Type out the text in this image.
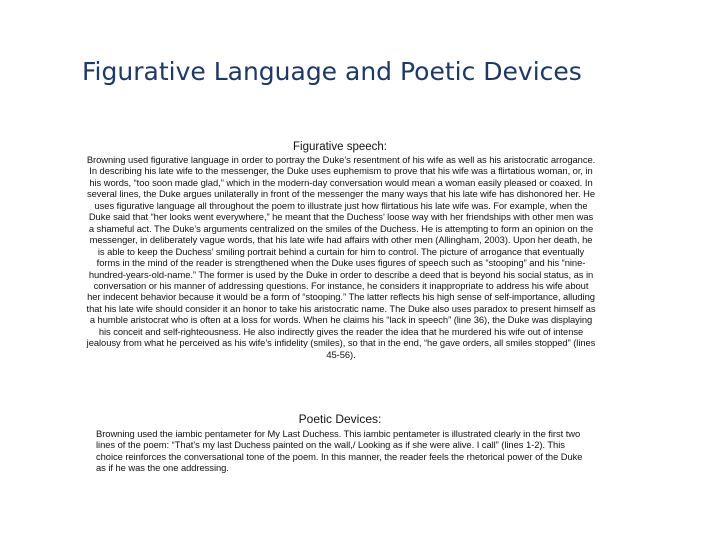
Figurative Language and Poetic Devices
Figurative speech:

Browning used figurative language in order to portray the Duke’s resentment of his wife as well as his aristocratic arrogance. In describing his late wife to the messenger, the Duke uses euphemism to prove that his wife was a flirtatious woman, or, in his words, “too soon made glad,” which in the modern-day conversation would mean a woman easily pleased or coaxed. In several lines, the Duke argues unilaterally in front of the messenger the many ways that his late wife has dishonored her. He uses figurative language all throughout the poem to illustrate just how flirtatious his late wife was. For example, when the Duke said that “her looks went everywhere,” he meant that the Duchess’ loose way with her friendships with other men was a shameful act. The Duke’s arguments centralized on the smiles of the Duchess. He is attempting to form an opinion on the messenger, in deliberately vague words, that his late wife had affairs with other men (Allingham, 2003). Upon her death, he is able to keep the Duchess’ smiling portrait behind a curtain for him to control. The picture of arrogance that eventually forms in the mind of the reader is strengthened when the Duke uses figures of speech such as “stooping” and his “nine-hundred-years-old-name.” The former is used by the Duke in order to describe a deed that is beyond his social status, as in conversation or his manner of addressing questions. For instance, he considers it inappropriate to address his wife about her indecent behavior because it would be a form of “stooping.” The latter reflects his high sense of self-importance, alluding that his late wife should consider it an honor to take his aristocratic name. The Duke also uses paradox to present himself as a humble aristocrat who is often at a loss for words. When he claims his “lack in speech” (line 36), the Duke was displaying his conceit and self-righteousness. He also indirectly gives the reader the idea that he murdered his wife out of intense jealousy from what he perceived as his wife’s infidelity (smiles), so that in the end, “he gave orders, all smiles stopped” (lines 45-56).

Poetic Devices:

Browning used the iambic pentameter for My Last Duchess. This iambic pentameter is illustrated clearly in the first two lines of the poem: “That’s my last Duchess painted on the wall,/ Looking as if she were alive. I call” (lines 1-2). This choice reinforces the conversational tone of the poem. In this manner, the reader feels the rhetorical power of the Duke as if he was the one addressing.
